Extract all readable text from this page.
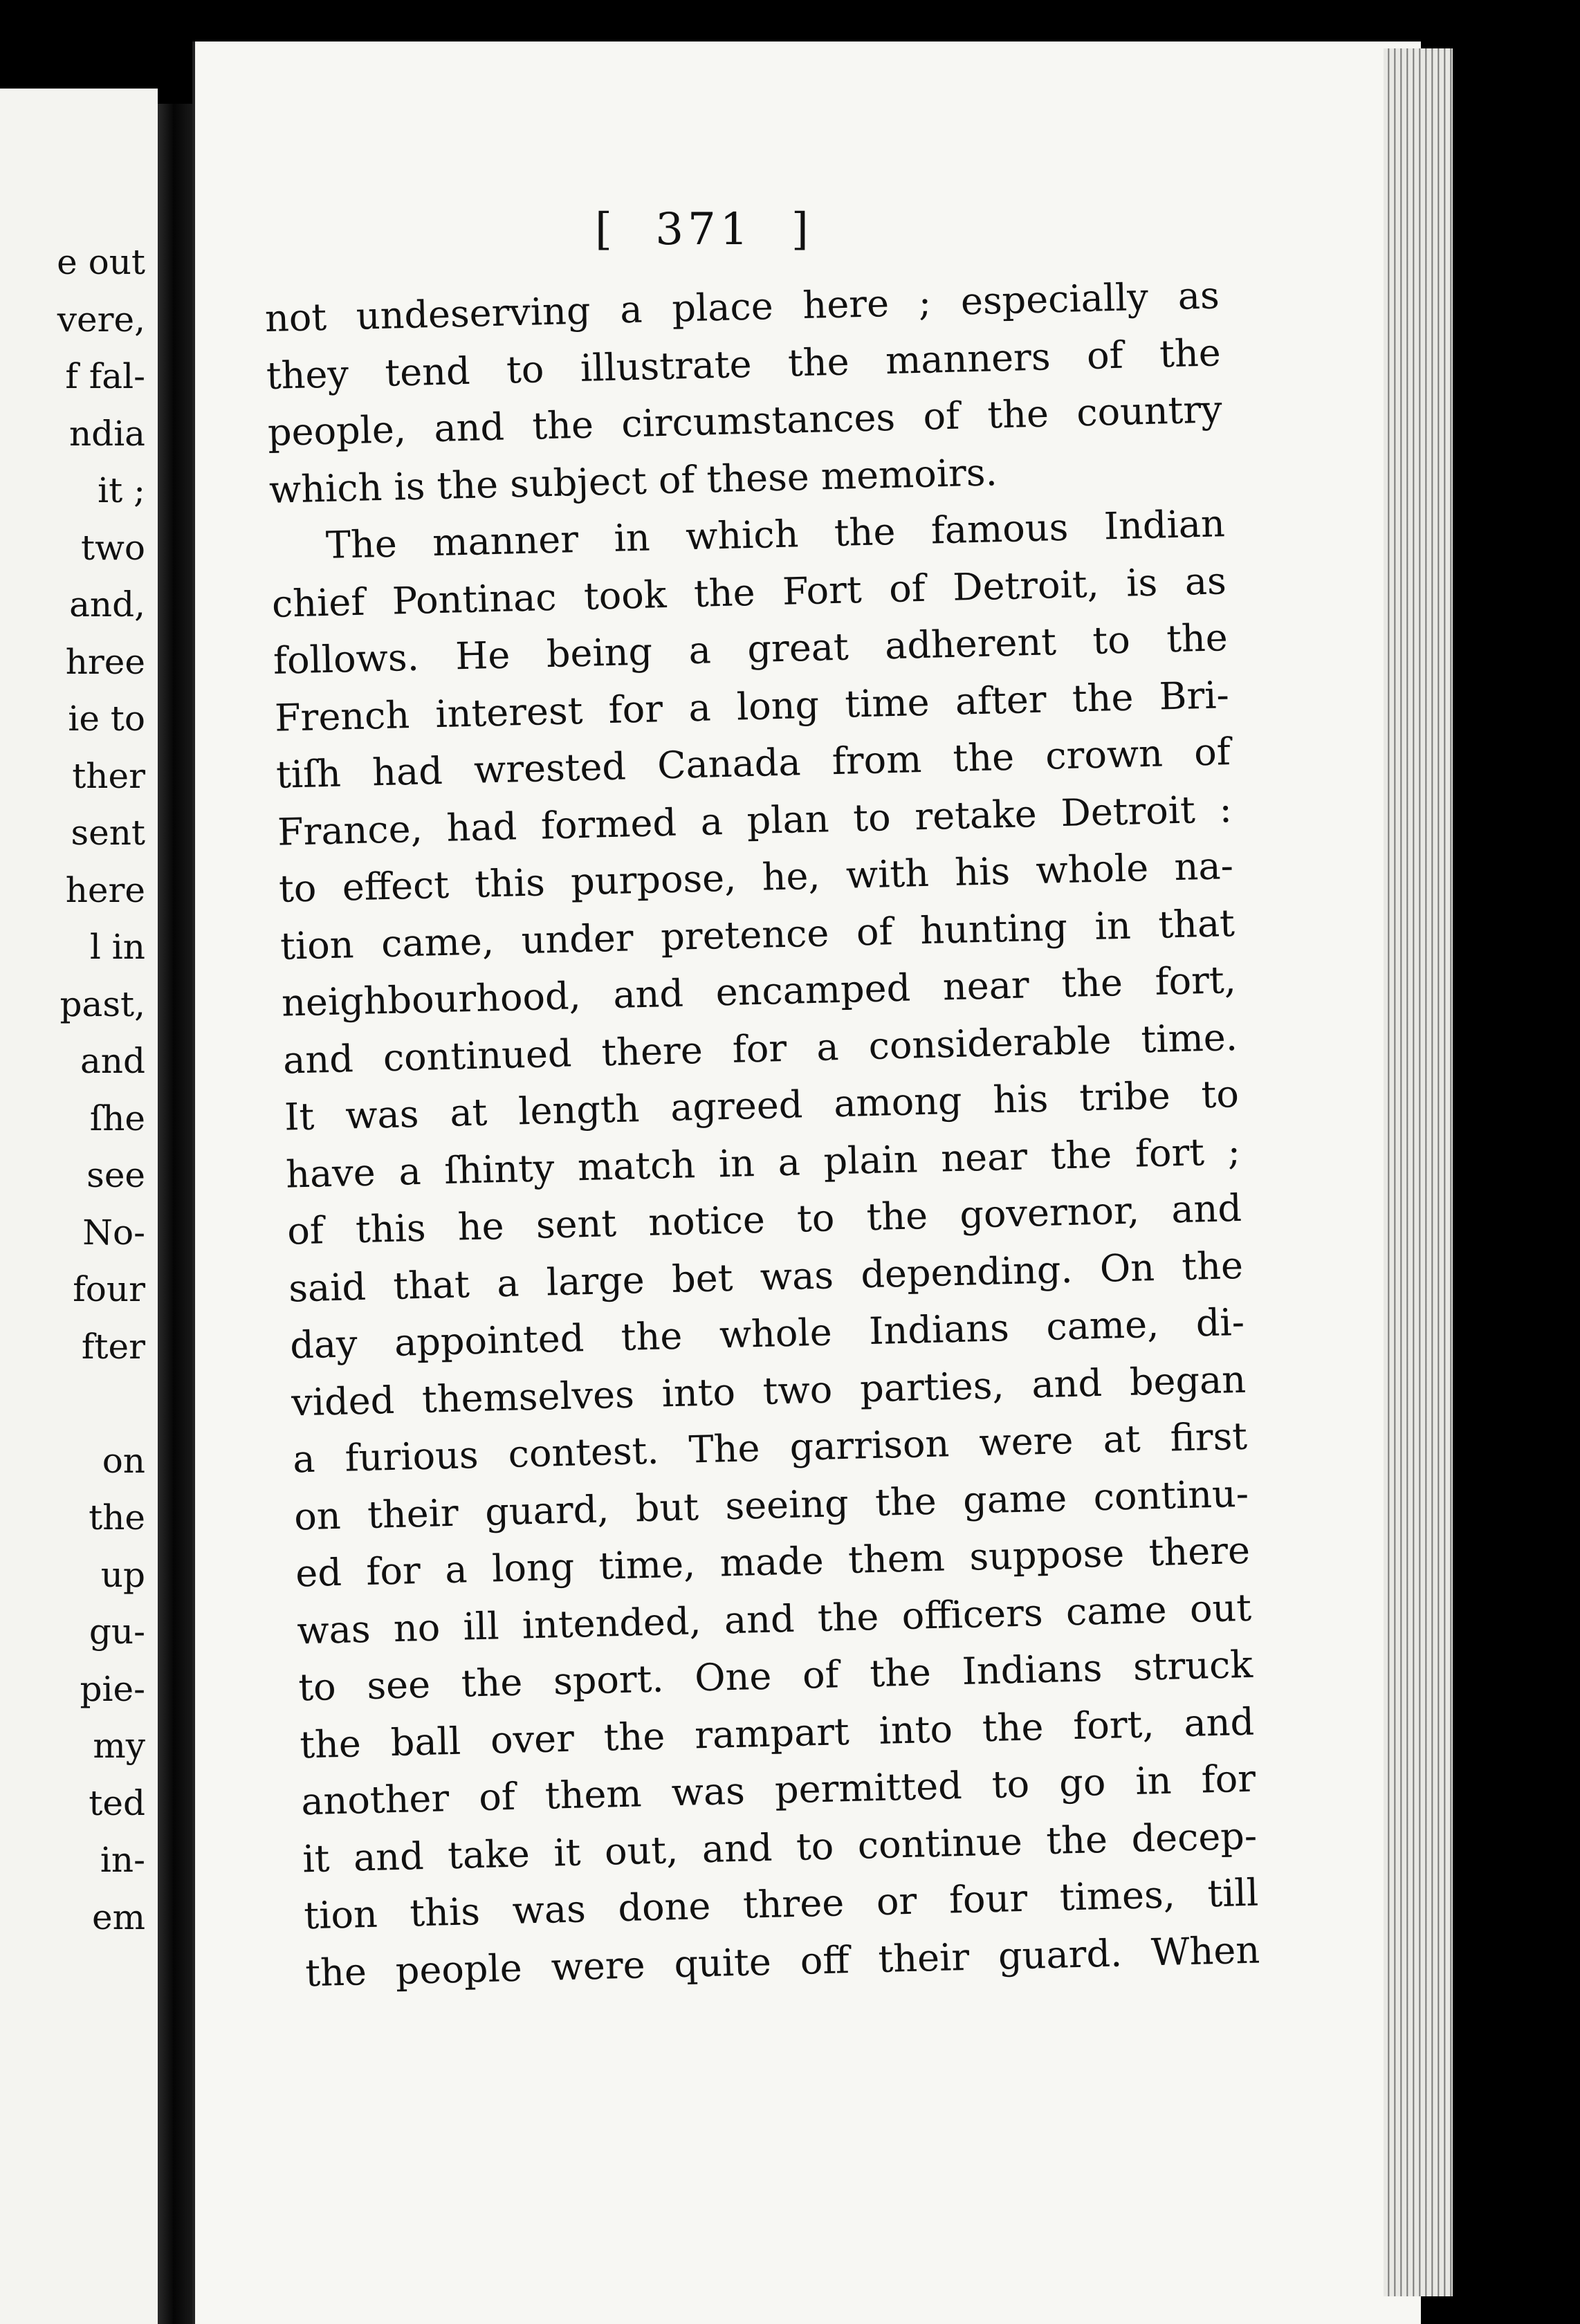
e out
vere,
f fal-
ndia
it ;
two
and,
hree
ie to
ther
sent
here
l in
past,
and
ſhe
see
No-
four
fter
on
the
up
gu-
pie-
my
ted
in-
em
[ 371 ]
not undeserving a place here ; especially as
they tend to illustrate the manners of the
people, and the circumstances of the country
which is the subject of these memoirs.
The manner in which the famous Indian
chief Pontinac took the Fort of Detroit, is as
follows. He being a great adherent to the
French interest for a long time after the Bri-
tiſh had wrested Canada from the crown of
France, had formed a plan to retake Detroit :
to effect this purpose, he, with his whole na-
tion came, under pretence of hunting in that
neighbourhood, and encamped near the fort,
and continued there for a considerable time.
It was at length agreed among his tribe to
have a ſhinty match in a plain near the fort ;
of this he sent notice to the governor, and
said that a large bet was depending. On the
day appointed the whole Indians came, di-
vided themselves into two parties, and began
a furious contest. The garrison were at first
on their guard, but seeing the game continu-
ed for a long time, made them suppose there
was no ill intended, and the officers came out
to see the sport. One of the Indians struck
the ball over the rampart into the fort, and
another of them was permitted to go in for
it and take it out, and to continue the decep-
tion this was done three or four times, till
the people were quite off their guard. When
